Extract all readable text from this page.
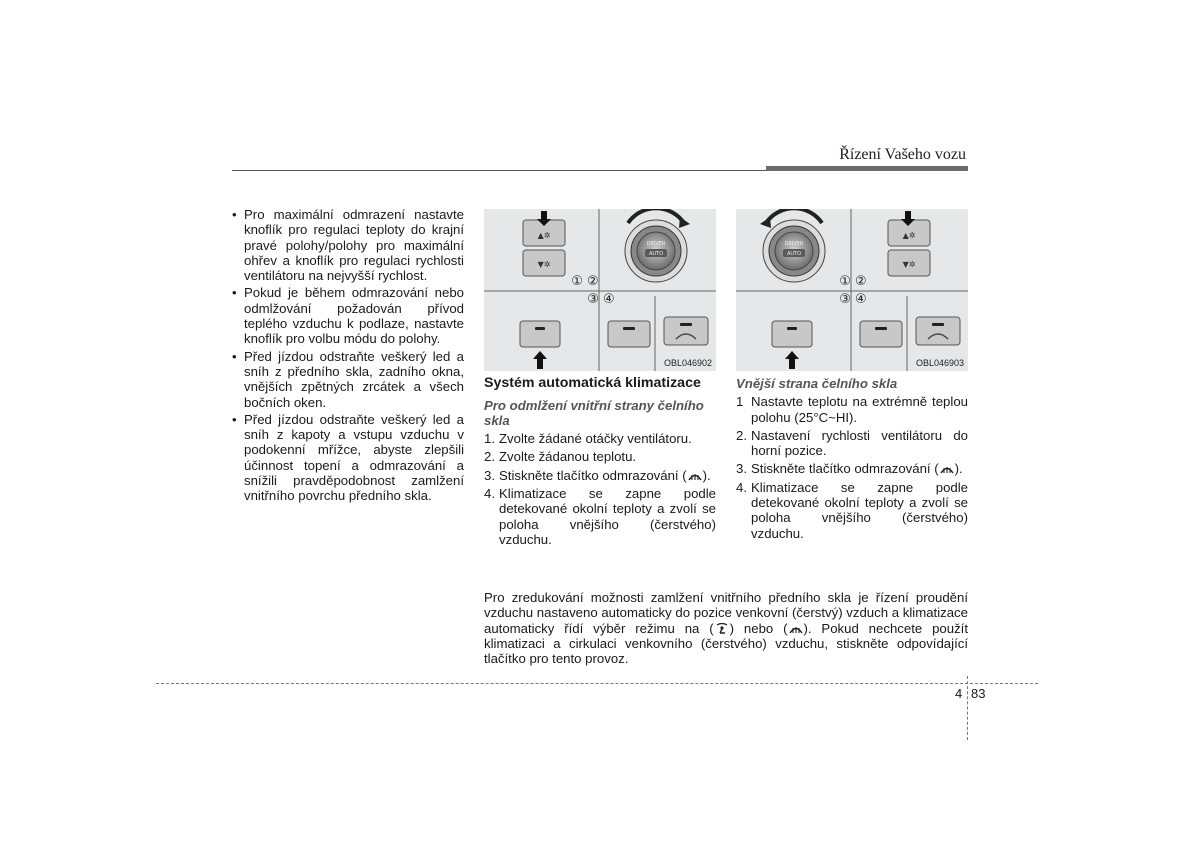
Řízení Vašeho vozu
• Pro maximální odmrazení nastavte knoflík pro regulaci teploty do krajní pravé polohy/polohy pro maximální ohřev a knoflík pro regulaci rychlosti ventilátoru na nejvyšší rychlost.
• Pokud je během odmrazování nebo odmlžování požadován přívod teplého vzduchu k podlaze, nastavte knoflík pro volbu módu do polohy.
• Před jízdou odstraňte veškerý led a sníh z předního skla, zadního okna, vnějších zpětných zrcátek a všech bočních oken.
• Před jízdou odstraňte veškerý led a sníh z kapoty a vstupu vzduchu v podokenní mřížce, abyste zlepšili účinnost topení a odmrazování a snížili pravděpodobnost zamlžení vnitřního povrchu předního skla.
▲✲
▼✲
DRIVER
AUTO
① ②
③ ④
OBL046902
DRIVER
AUTO
▲✲
▼✲
① ②
③ ④
OBL046903
Systém automatická klimatizace
Pro odmlžení vnitřní strany čelního skla
1. Zvolte žádané otáčky ventilátoru.
2. Zvolte žádanou teplotu.
3. Stiskněte tlačítko odmrazování ( ).
4. Klimatizace se zapne podle detekované okolní teploty a zvolí se poloha vnějšího (čerstvého) vzduchu.
Vnější strana čelního skla
1 Nastavte teplotu na extrémně teplou polohu (25°C~HI).
2. Nastavení rychlosti ventilátoru do horní pozice.
3. Stiskněte tlačítko odmrazování ( ).
4. Klimatizace se zapne podle detekované okolní teploty a zvolí se poloha vnějšího (čerstvého) vzduchu.
Pro zredukování možnosti zamlžení vnitřního předního skla je řízení proudění vzduchu nastaveno automaticky do pozice venkovní (čerstvý) vzduch a klimatizace automaticky řídí výběr režimu na ( ) nebo ( ). Pokud nechcete použít klimatizaci a cirkulaci venkovního (čerstvého) vzduchu, stiskněte odpovídající tlačítko pro tento provoz.
4 83
